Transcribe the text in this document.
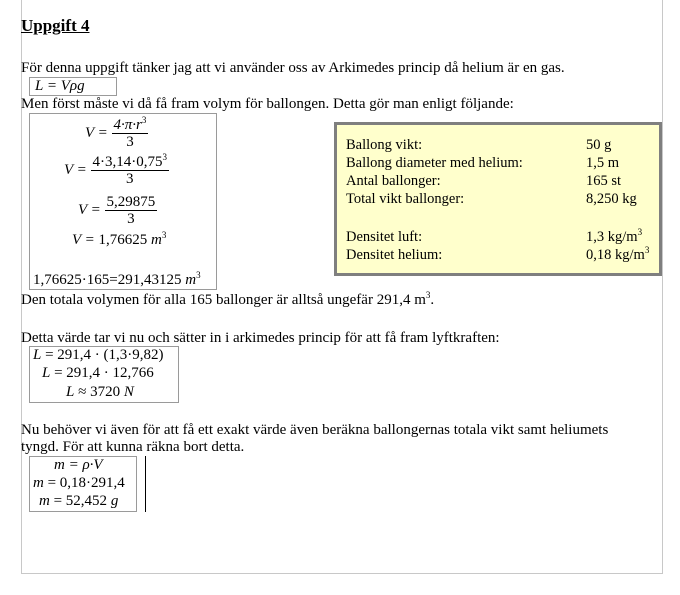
Uppgift 4
För denna uppgift tänker jag att vi använder oss av Arkimedes princip då helium är en gas.
L = Vρg
Men först måste vi då få fram volym för ballongen. Detta gör man enligt följande:
$V = \frac{4\cdot\pi\cdot r^3}{3}$
$V = \frac{4\cdot 3,14\cdot 0,75^3}{3}$
$V = \frac{5,29875}{3}$
V = 1,76625 $m^3$
1,76625·165=291,43125 $m^3$
Den totala volymen för alla 165 ballonger är alltså ungefär 291,4 $m^3$.
Detta värde tar vi nu och sätter in i arkimedes princip för att få fram lyftkraften:
L = 291,4 · (1,3·9,82)
L = 291,4 · 12,766
L ≈ 3720 N
Nu behöver vi även för att få ett exakt värde även beräkna ballongernas totala vikt samt heliumets
tyngd. För att kunna räkna bort detta.
m = ρ·V
m = 0,18·291,4
m = 52,452 g
Ballong vikt:	50 g
Ballong diameter med helium:	1,5 m
Antal ballonger:	165 st
Total vikt ballonger:	8,250 kg
Densitet luft:	1,3 $kg/m^3$
Densitet helium:	0,18 $kg/m^3$
